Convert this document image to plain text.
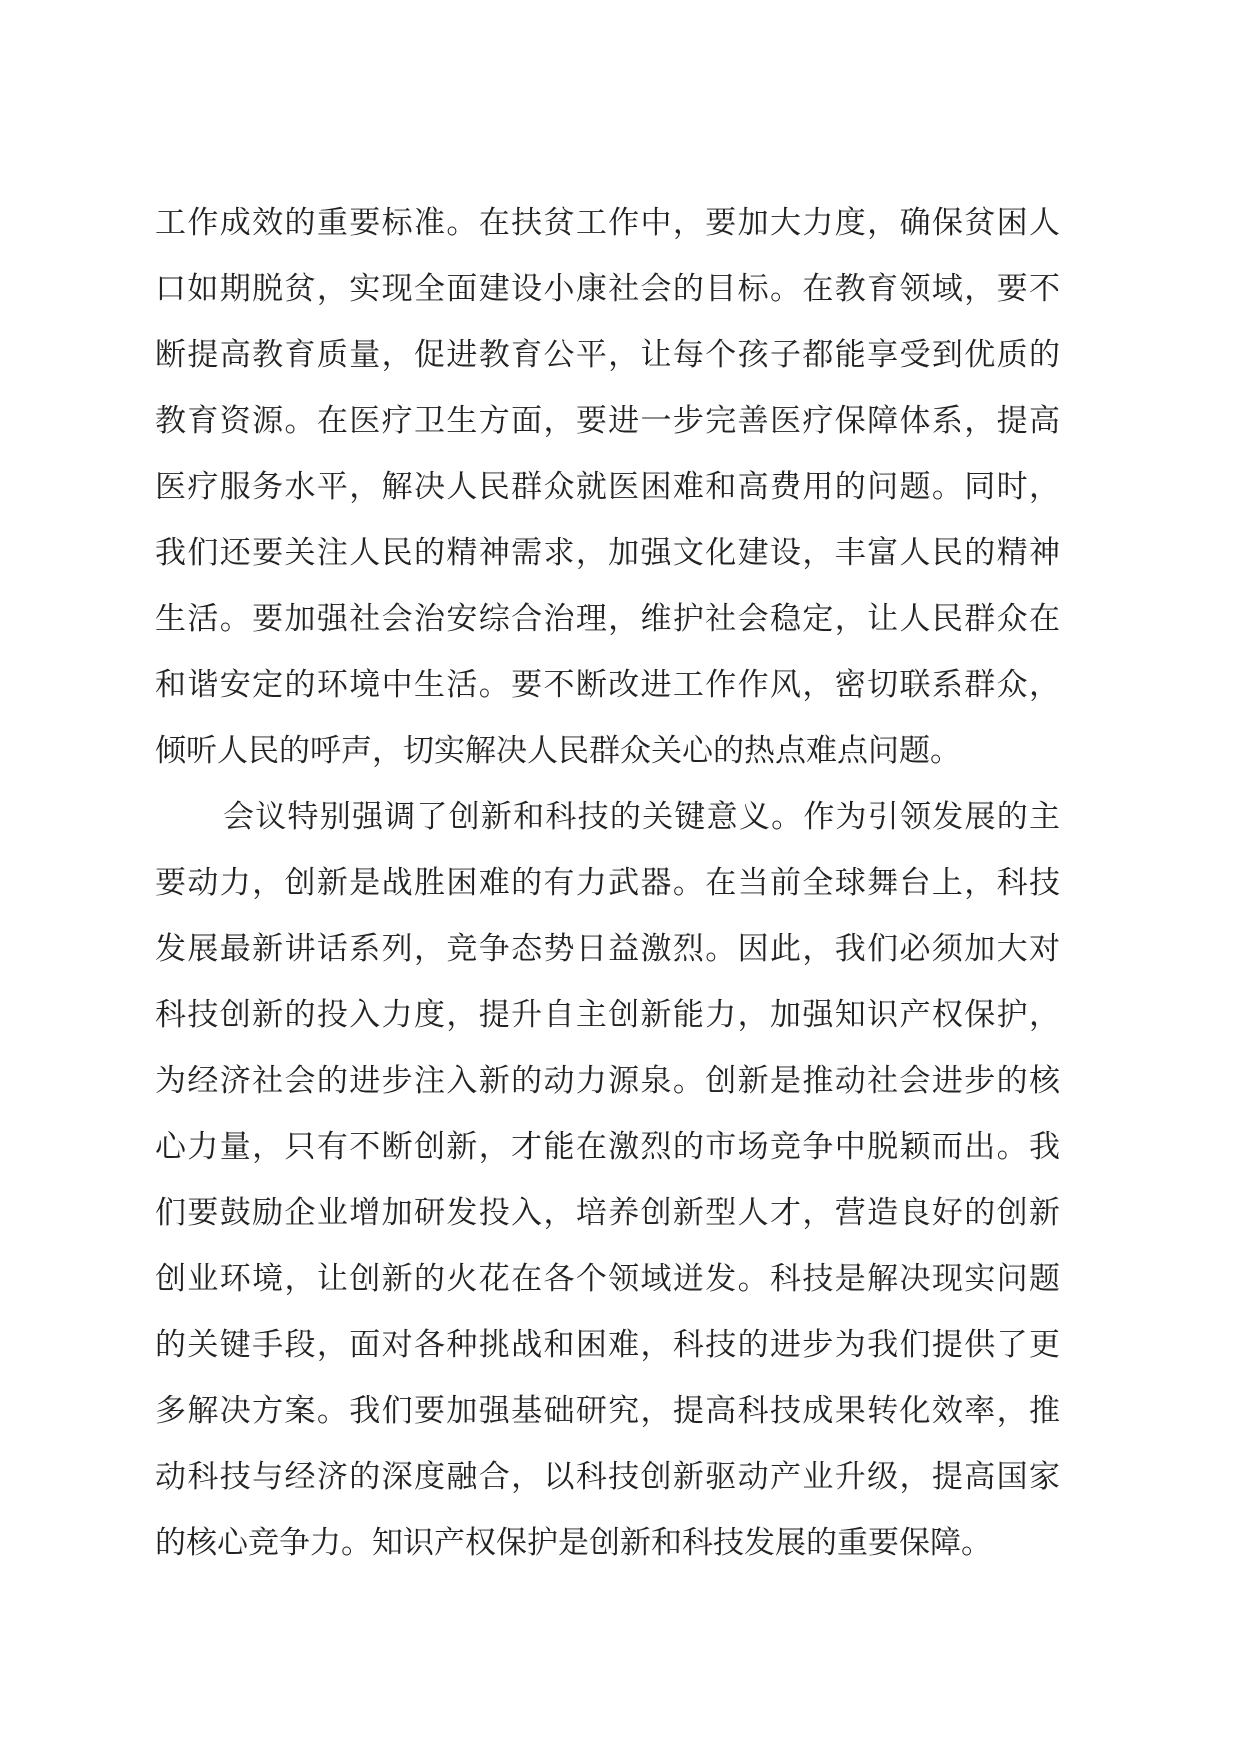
工作成效的重要标准。在扶贫工作中，要加大力度，确保贫困人
口如期脱贫，实现全面建设小康社会的目标。在教育领域，要不
断提高教育质量，促进教育公平，让每个孩子都能享受到优质的
教育资源。在医疗卫生方面，要进一步完善医疗保障体系，提高
医疗服务水平，解决人民群众就医困难和高费用的问题。同时，
我们还要关注人民的精神需求，加强文化建设，丰富人民的精神
生活。要加强社会治安综合治理，维护社会稳定，让人民群众在
和谐安定的环境中生活。要不断改进工作作风，密切联系群众，
倾听人民的呼声，切实解决人民群众关心的热点难点问题。
会议特别强调了创新和科技的关键意义。作为引领发展的主
要动力，创新是战胜困难的有力武器。在当前全球舞台上，科技
发展最新讲话系列，竞争态势日益激烈。因此，我们必须加大对
科技创新的投入力度，提升自主创新能力，加强知识产权保护，
为经济社会的进步注入新的动力源泉。创新是推动社会进步的核
心力量，只有不断创新，才能在激烈的市场竞争中脱颖而出。我
们要鼓励企业增加研发投入，培养创新型人才，营造良好的创新
创业环境，让创新的火花在各个领域迸发。科技是解决现实问题
的关键手段，面对各种挑战和困难，科技的进步为我们提供了更
多解决方案。我们要加强基础研究，提高科技成果转化效率，推
动科技与经济的深度融合，以科技创新驱动产业升级，提高国家
的核心竞争力。知识产权保护是创新和科技发展的重要保障。
